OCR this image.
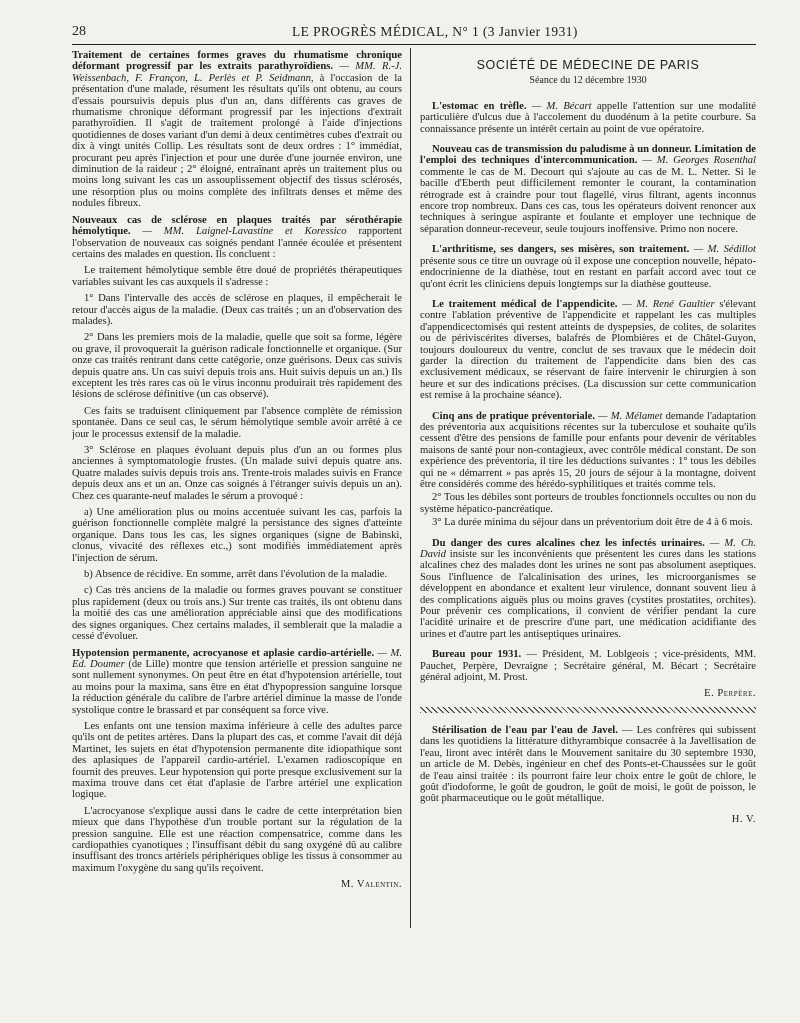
28	LE PROGRÈS MÉDICAL, N° 1 (3 Janvier 1931)

Traitement de certaines formes graves du rhumatisme chronique déformant progressif par les extraits parathyroïdiens. — MM. R.-J. Weissenbach, F. Françon, L. Perlès et P. Seidmann, à l'occasion de la présentation d'une malade, résument les résultats qu'ils ont obtenu, au cours d'essais poursuivis depuis plus d'un an, dans différents cas graves de rhumatisme chronique déformant progressif par les injections d'extrait parathyroïdien. Il s'agit de traitement prolongé à l'aide d'injections quotidiennes de doses variant d'un demi à deux centimètres cubes d'extrait ou dix à vingt unités Collip. Les résultats sont de deux ordres : 1° immédiat, procurant peu après l'injection et pour une durée d'une journée environ, une diminution de la raideur ; 2° éloigné, entraînant après un traitement plus ou moins long suivant les cas un assouplissement objectif des tissus sclérosés, une résorption plus ou moins complète des infiltrats denses et même des nodules fibreux.

Nouveaux cas de sclérose en plaques traités par sérothérapie hémolytique. — MM. Laignel-Lavastine et Koressico rapportent l'observation de nouveaux cas soignés pendant l'année écoulée et présentent certains des malades en question. Ils concluent :

Le traitement hémolytique semble être doué de propriétés thérapeutiques variables suivant les cas auxquels il s'adresse :

1° Dans l'intervalle des accès de sclérose en plaques, il empêcherait le retour d'accès aigus de la maladie. (Deux cas traités ; un an d'observation des malades).

2° Dans les premiers mois de la maladie, quelle que soit sa forme, légère ou grave, il provoquerait la guérison radicale fonctionnelle et organique. (Sur onze cas traités rentrant dans cette catégorie, onze guérisons. Deux cas suivis depuis quatre ans. Un cas suivi depuis trois ans. Huit suivis depuis un an.) Ils exceptent les très rares cas où le virus inconnu produirait très rapidement des lésions de sclérose définitive (un cas observé).

Ces faits se traduisent cliniquement par l'absence complète de rémission spontanée. Dans ce seul cas, le sérum hémolytique semble avoir arrêté à ce jour le processus extensif de la maladie.

3° Sclérose en plaques évoluant depuis plus d'un an ou formes plus anciennes à symptomatologie frustes. (Un malade suivi depuis quatre ans. Quatre malades suivis depuis trois ans. Trente-trois malades suivis en France depuis deux ans et un an. Onze cas soignés à l'étranger suivis depuis un an). Chez ces quarante-neuf malades le sérum a provoqué :

a) Une amélioration plus ou moins accentuée suivant les cas, parfois la guérison fonctionnelle complète malgré la persistance des signes d'atteinte organique. Dans tous les cas, les signes organiques (signe de Babinski, clonus, vivacité des réflexes etc.,) sont modifiés immédiatement après l'injection de sérum.

b) Absence de récidive. En somme, arrêt dans l'évolution de la maladie.

c) Cas très anciens de la maladie ou formes graves pouvant se constituer plus rapidement (deux ou trois ans.) Sur trente cas traités, ils ont obtenu dans la moitié des cas une amélioration appréciable ainsi que des modifications des signes organiques. Chez certains malades, il semblerait que la maladie a cessé d'évoluer.

Hypotension permanente, acrocyanose et aplasie cardio-artérielle. — M. Ed. Doumer (de Lille) montre que tension artérielle et pression sanguine ne sont nullement synonymes. On peut être en état d'hypotension artérielle, tout au moins pour la maxima, sans être en état d'hypopression sanguine lorsque la réduction générale du calibre de l'arbre artériel diminue la masse de l'onde systolique contre le brassard et par conséquent sa force vive.

Les enfants ont une tension maxima inférieure à celle des adultes parce qu'ils ont de petites artères. Dans la plupart des cas, et comme l'avait dit déjà Martinet, les sujets en état d'hypotension permanente dite idiopathique sont des aplasiques de l'appareil cardio-artériel. L'examen radioscopique en fournit des preuves. Leur hypotension qui porte presque exclusivement sur la maxima trouve dans cet état d'aplasie de l'arbre artériel une explication logique.

L'acrocyanose s'explique aussi dans le cadre de cette interprétation bien mieux que dans l'hypothèse d'un trouble portant sur la régulation de la pression sanguine. Elle est une réaction compensatrice, comme dans les cardiopathies cyanotiques ; l'insuffisant débit du sang oxygéné dû au calibre insuffisant des troncs artériels périphériques oblige les tissus à consommer au maximum l'oxygène du sang qu'ils reçoivent.

M. Valentin.
SOCIÉTÉ DE MÉDECINE DE PARIS
Séance du 12 décembre 1930

L'estomac en trèfle. — M. Bécart appelle l'attention sur une modalité particulière d'ulcus due à l'accolement du duodénum à la petite courbure. Sa connaissance présente un intérêt certain au point de vue opératoire.

Nouveau cas de transmission du paludisme à un donneur. Limitation de l'emploi des techniques d'intercommunication. — M. Georges Rosenthal commente le cas de M. Decourt qui s'ajoute au cas de M. L. Netter. Si le bacille d'Eberth peut difficilement remonter le courant, la contamination rétrograde est à craindre pour tout flagellé, virus filtrant, agents inconnus encore trop nombreux. Dans ces cas, tous les opérateurs doivent renoncer aux techniques à seringue aspirante et foulante et employer une technique de séparation donneur-receveur, seule toujours inoffensive. Primo non nocere.

L'arthritisme, ses dangers, ses misères, son traitement. — M. Sédillot présente sous ce titre un ouvrage où il expose une conception nouvelle, hépato-endocrinienne de la diathèse, tout en restant en parfait accord avec tout ce qu'ont écrit les cliniciens depuis longtemps sur la diathèse goutteuse.

Le traitement médical de l'appendicite. — M. René Gaultier s'élevant contre l'ablation préventive de l'appendicite et rappelant les cas multiples d'appendicectomisés qui restent atteints de dyspepsies, de colites, de solarites ou de périviscérites diverses, balafrés de Plombières et de Châtel-Guyon, toujours douloureux du ventre, conclut de ses travaux que le médecin doit garder la direction du traitement de l'appendicite dans bien des cas exclusivement médicaux, se réservant de faire intervenir le chirurgien à son heure et sur des indications précises. (La discussion sur cette communication est remise à la prochaine séance).

Cinq ans de pratique préventoriale. — M. Mélamet demande l'adaptation des préventoria aux acquisitions récentes sur la tuberculose et souhaite qu'ils cessent d'être des pensions de famille pour enfants pour devenir de véritables maisons de santé pour non-contagieux, avec contrôle médical constant. De son expérience des préventoria, il tire les déductions suivantes : 1° tous les débiles qui ne « démarrent » pas après 15, 20 jours de séjour à la montagne, doivent être considérés comme des hérédo-syphilitiques et traités comme tels.

2° Tous les débiles sont porteurs de troubles fonctionnels occultes ou non du système hépatico-pancréatique.

3° La durée minima du séjour dans un préventorium doit être de 4 à 6 mois.

Du danger des cures alcalines chez les infectés urinaires. — M. Ch. David insiste sur les inconvénients que présentent les cures dans les stations alcalines chez des malades dont les urines ne sont pas absolument aseptiques. Sous l'influence de l'alcalinisation des urines, les microorganismes se développent en abondance et exaltent leur virulence, donnant souvent lieu à des complications aiguës plus ou moins graves (cystites prostatites, orchites). Pour prévenir ces complications, il convient de vérifier pendant la cure l'acidité urinaire et de prescrire d'une part, une médication acidifiante des urines et d'autre part les antiseptiques urinaires.

Bureau pour 1931. — Président, M. Loblgeois ; vice-présidents, MM. Pauchet, Perpère, Devraigne ; Secrétaire général, M. Bécart ; Secrétaire général adjoint, M. Prost.

E. Perpère.

Stérilisation de l'eau par l'eau de Javel. — Les confrères qui subissent dans les quotidiens la littérature dithyrambique consacrée à la Javellisation de l'eau, liront avec intérêt dans le Mouvement sanitaire du 30 septembre 1930, un article de M. Debès, ingénieur en chef des Ponts-et-Chaussées sur le goût de l'eau ainsi traitée : ils pourront faire leur choix entre le goût de chlore, le goût d'iodoforme, le goût de goudron, le goût de moisi, le goût de poisson, le goût pharmaceutique ou le goût métallique.

H. V.
